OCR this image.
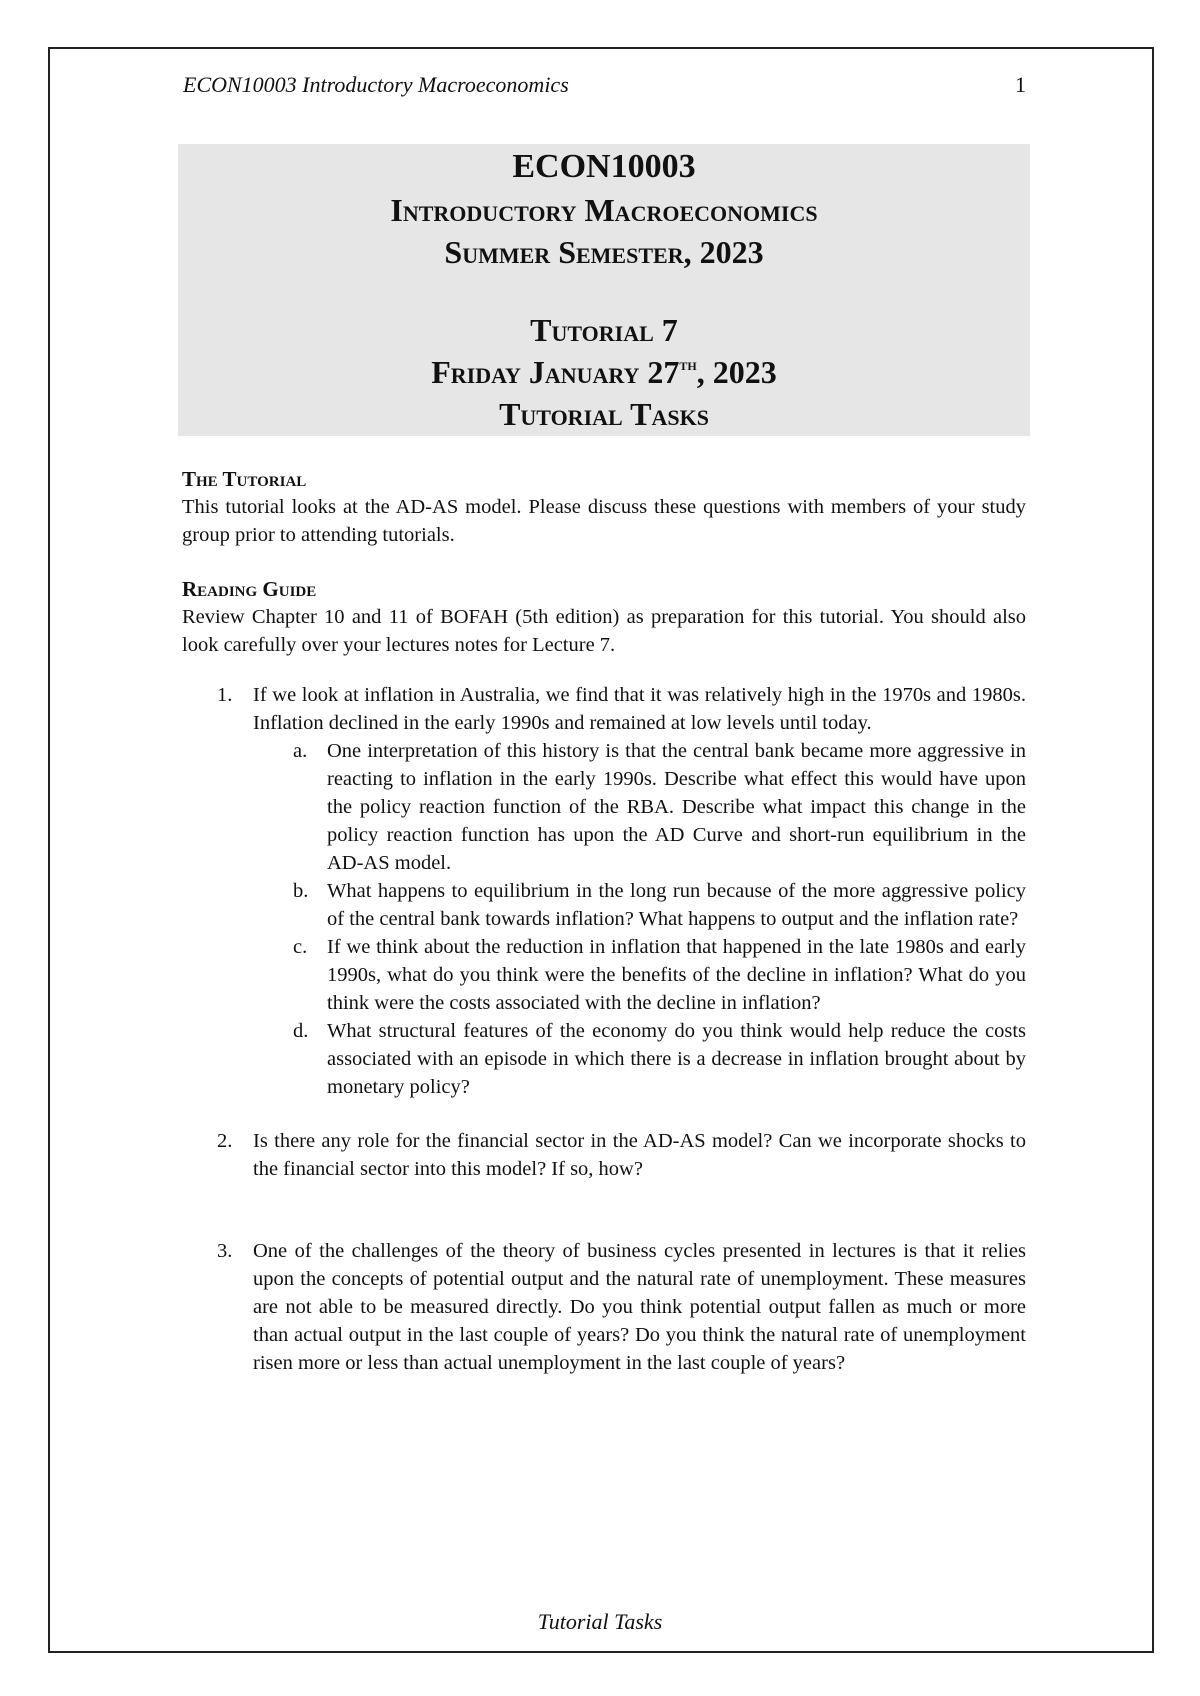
ECON10003 Introductory Macroeconomics	1
ECON10003
Introductory Macroeconomics
Summer Semester, 2023
Tutorial 7
Friday January 27th, 2023
Tutorial Tasks
The Tutorial

This tutorial looks at the AD-AS model. Please discuss these questions with members of your study group prior to attending tutorials.

Reading Guide

Review Chapter 10 and 11 of BOFAH (5th edition) as preparation for this tutorial. You should also look carefully over your lectures notes for Lecture 7.

1. If we look at inflation in Australia, we find that it was relatively high in the 1970s and 1980s. Inflation declined in the early 1990s and remained at low levels until today.

a. One interpretation of this history is that the central bank became more aggressive in reacting to inflation in the early 1990s. Describe what effect this would have upon the policy reaction function of the RBA. Describe what impact this change in the policy reaction function has upon the AD Curve and short-run equilibrium in the AD-AS model.

b. What happens to equilibrium in the long run because of the more aggressive policy of the central bank towards inflation? What happens to output and the inflation rate?

c. If we think about the reduction in inflation that happened in the late 1980s and early 1990s, what do you think were the benefits of the decline in inflation? What do you think were the costs associated with the decline in inflation?

d. What structural features of the economy do you think would help reduce the costs associated with an episode in which there is a decrease in inflation brought about by monetary policy?

2. Is there any role for the financial sector in the AD-AS model? Can we incorporate shocks to the financial sector into this model? If so, how?

3. One of the challenges of the theory of business cycles presented in lectures is that it relies upon the concepts of potential output and the natural rate of unemployment. These measures are not able to be measured directly. Do you think potential output fallen as much or more than actual output in the last couple of years? Do you think the natural rate of unemployment risen more or less than actual unemployment in the last couple of years?

Tutorial Tasks
